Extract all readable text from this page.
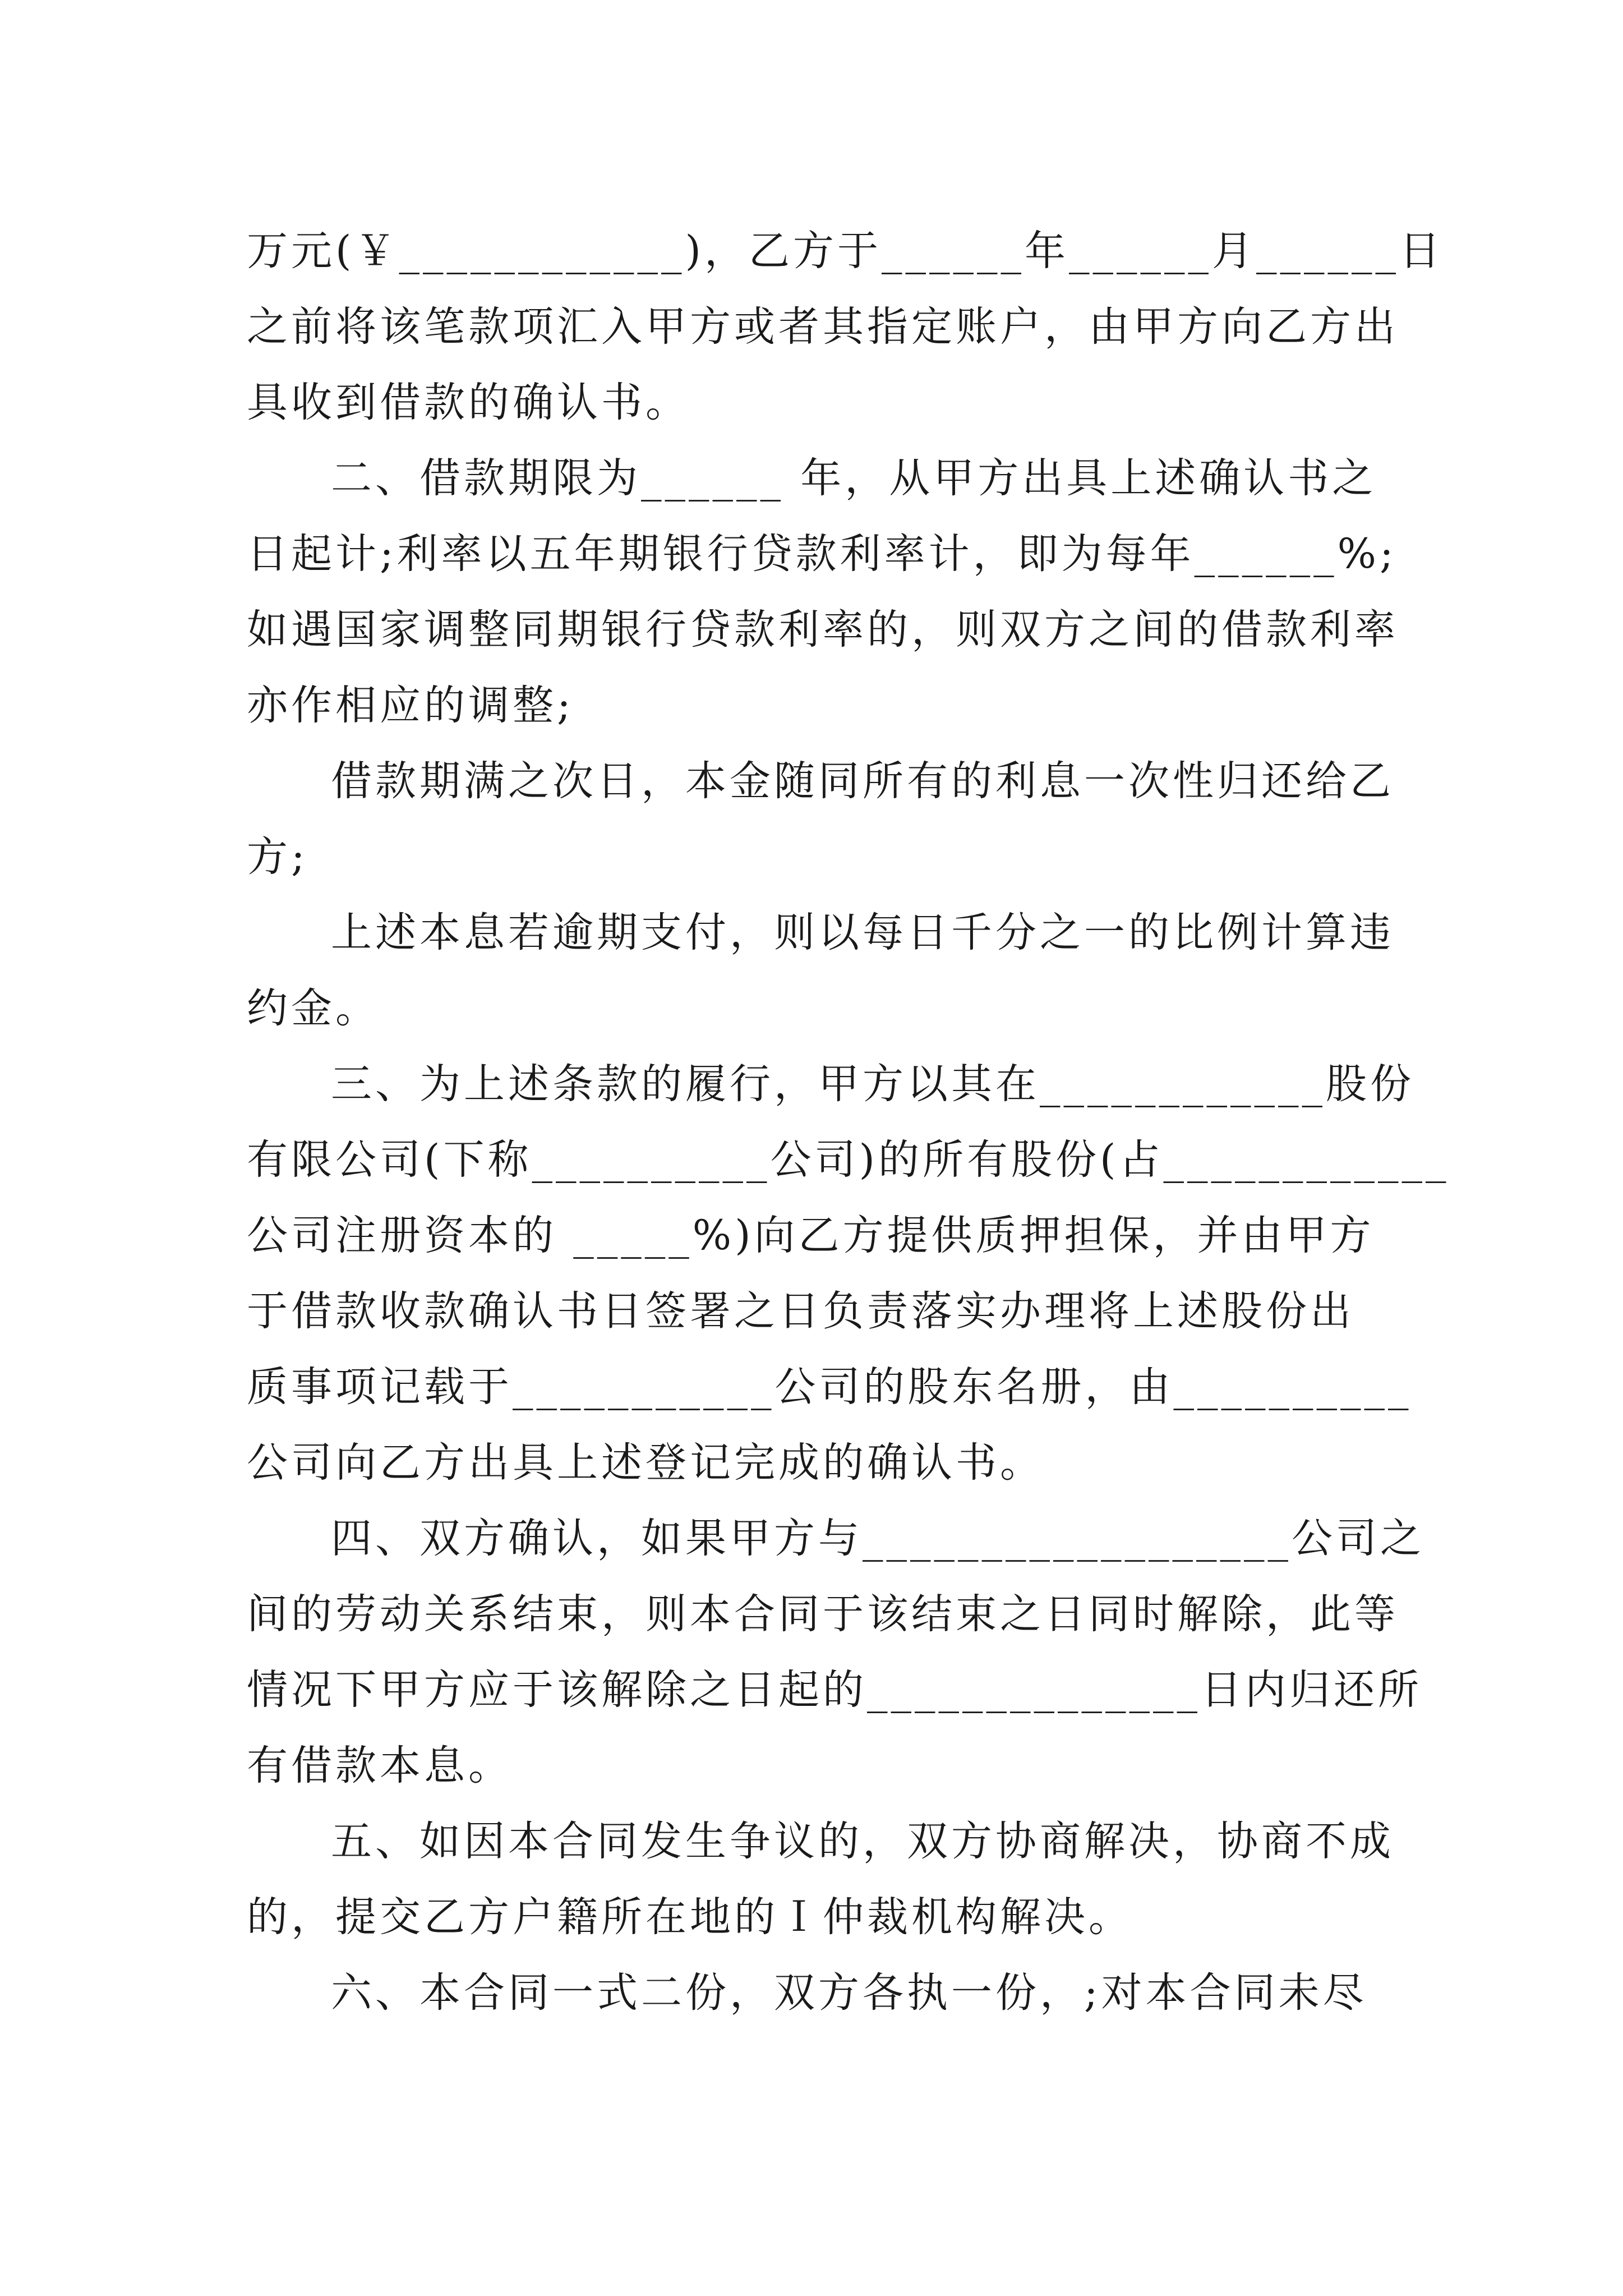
万元(￥____________)，乙方于______年______月______日
之前将该笔款项汇入甲方或者其指定账户，由甲方向乙方出
具收到借款的确认书。
二、借款期限为______ 年，从甲方出具上述确认书之
日起计;利率以五年期银行贷款利率计，即为每年______%;
如遇国家调整同期银行贷款利率的，则双方之间的借款利率
亦作相应的调整;
借款期满之次日，本金随同所有的利息一次性归还给乙
方;
上述本息若逾期支付，则以每日千分之一的比例计算违
约金。
三、为上述条款的履行，甲方以其在____________股份
有限公司(下称__________公司)的所有股份(占____________
公司注册资本的 _____%)向乙方提供质押担保，并由甲方
于借款收款确认书日签署之日负责落实办理将上述股份出
质事项记载于___________公司的股东名册，由__________
公司向乙方出具上述登记完成的确认书。
四、双方确认，如果甲方与__________________公司之
间的劳动关系结束，则本合同于该结束之日同时解除，此等
情况下甲方应于该解除之日起的______________日内归还所
有借款本息。
五、如因本合同发生争议的，双方协商解决，协商不成
的，提交乙方户籍所在地的Ｉ仲裁机构解决。
六、本合同一式二份，双方各执一份，;对本合同未尽
